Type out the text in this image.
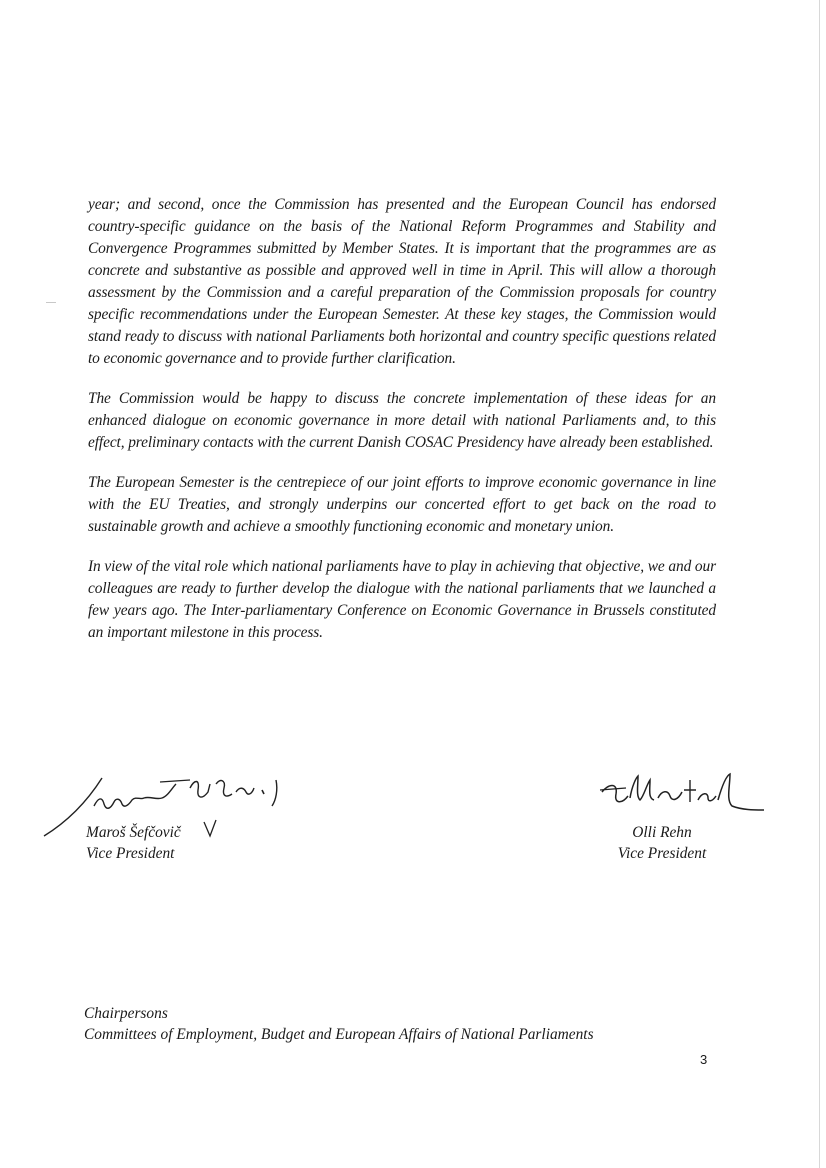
year; and second, once the Commission has presented and the European Council has endorsed country-specific guidance on the basis of the National Reform Programmes and Stability and Convergence Programmes submitted by Member States. It is important that the programmes are as concrete and substantive as possible and approved well in time in April. This will allow a thorough assessment by the Commission and a careful preparation of the Commission proposals for country specific recommendations under the European Semester. At these key stages, the Commission would stand ready to discuss with national Parliaments both horizontal and country specific questions related to economic governance and to provide further clarification.

The Commission would be happy to discuss the concrete implementation of these ideas for an enhanced dialogue on economic governance in more detail with national Parliaments and, to this effect, preliminary contacts with the current Danish COSAC Presidency have already been established.

The European Semester is the centrepiece of our joint efforts to improve economic governance in line with the EU Treaties, and strongly underpins our concerted effort to get back on the road to sustainable growth and achieve a smoothly functioning economic and monetary union.

In view of the vital role which national parliaments have to play in achieving that objective, we and our colleagues are ready to further develop the dialogue with the national parliaments that we launched a few years ago. The Inter-parliamentary Conference on Economic Governance in Brussels constituted an important milestone in this process.

Maroš Šefčovič
Vice President
Olli Rehn
Vice President
Chairpersons
Committees of Employment, Budget and European Affairs of National Parliaments
3
